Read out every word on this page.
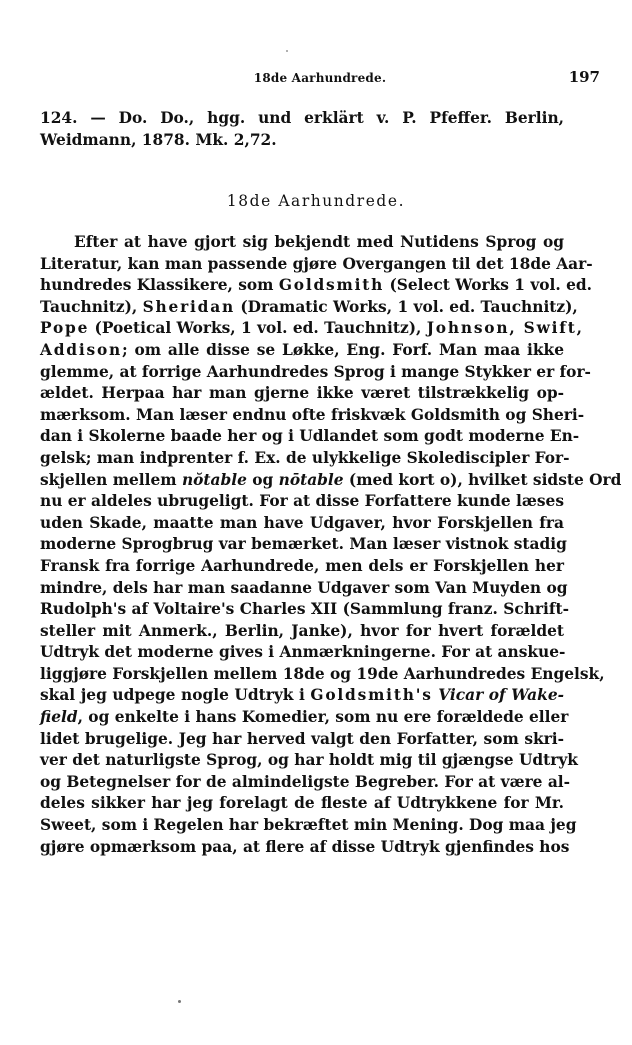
18de Aarhundrede.	197
124. — Do. Do., hgg. und erklärt v. P. Pfeffer. Berlin,
Weidmann, 1878. Mk. 2,72.
18de Aarhundrede.
Efter at have gjort sig bekjendt med Nutidens Sprog og
Literatur, kan man passende gjøre Overgangen til det 18de Aar-
hundredes Klassikere, som Goldsmith (Select Works 1 vol. ed.
Tauchnitz), Sheridan (Dramatic Works, 1 vol. ed. Tauchnitz),
Pope (Poetical Works, 1 vol. ed. Tauchnitz), Johnson, Swift,
Addison; om alle disse se Løkke, Eng. Forf. Man maa ikke
glemme, at forrige Aarhundredes Sprog i mange Stykker er for-
ældet. Herpaa har man gjerne ikke været tilstrækkelig op-
mærksom. Man læser endnu ofte friskvæk Goldsmith og Sheri-
dan i Skolerne baade her og i Udlandet som godt moderne En-
gelsk; man indprenter f. Ex. de ulykkelige Skolediscipler For-
skjellen mellem nŏtable og nōtable (med kort o), hvilket sidste Ord
nu er aldeles ubrugeligt. For at disse Forfattere kunde læses
uden Skade, maatte man have Udgaver, hvor Forskjellen fra
moderne Sprogbrug var bemærket. Man læser vistnok stadig
Fransk fra forrige Aarhundrede, men dels er Forskjellen her
mindre, dels har man saadanne Udgaver som Van Muyden og
Rudolph's af Voltaire's Charles XII (Sammlung franz. Schrift-
steller mit Anmerk., Berlin, Janke), hvor for hvert forældet
Udtryk det moderne gives i Anmærkningerne. For at anskue-
liggjøre Forskjellen mellem 18de og 19de Aarhundredes Engelsk,
skal jeg udpege nogle Udtryk i Goldsmith's Vicar of Wake-
field, og enkelte i hans Komedier, som nu ere forældede eller
lidet brugelige. Jeg har herved valgt den Forfatter, som skri-
ver det naturligste Sprog, og har holdt mig til gjængse Udtryk
og Betegnelser for de almindeligste Begreber. For at være al-
deles sikker har jeg forelagt de fleste af Udtrykkene for Mr.
Sweet, som i Regelen har bekræftet min Mening. Dog maa jeg
gjøre opmærksom paa, at flere af disse Udtryk gjenfindes hos
